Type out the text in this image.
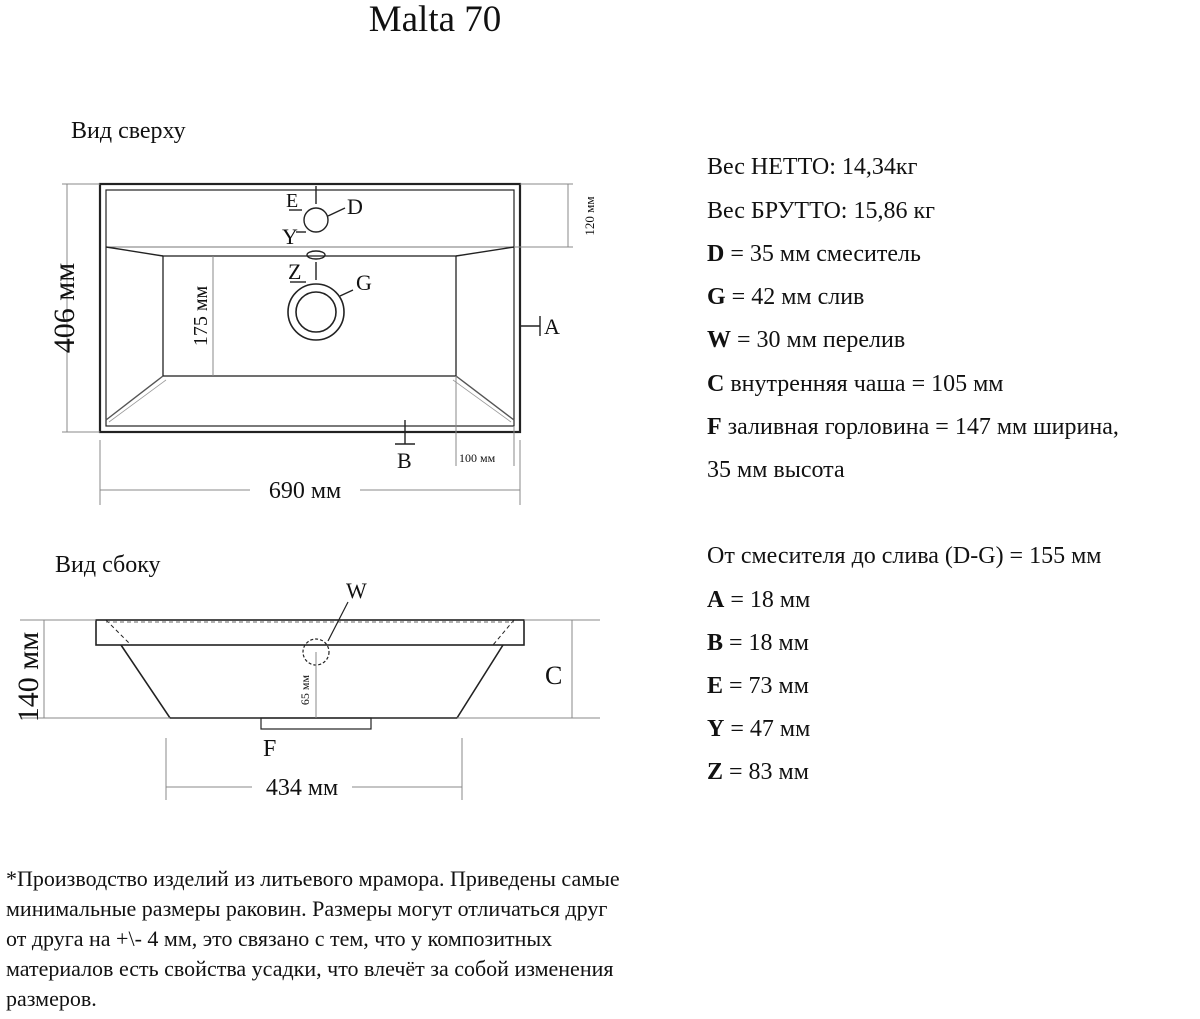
Malta 70
Вид сверху
Вид сбоку
406 мм	175 мм
120 мм
100 мм
690 мм
E D
Y
Z G
A
B
W
65 мм
140 мм	C
F
434 мм
Вес НЕТТО: 14,34кг
Вес БРУТТО: 15,86 кг
D = 35 мм смеситель
G = 42 мм слив
W = 30 мм перелив
C внутренняя чаша = 105 мм
F заливная горловина = 147 мм ширина,
35 мм высота
От смесителя до слива (D-G) = 155 мм
A = 18 мм
B = 18 мм
E = 73 мм
Y = 47 мм
Z = 83 мм
*Производство изделий из литьевого мрамора. Приведены самые
минимальные размеры раковин. Размеры могут отличаться друг
от друга на +\- 4 мм, это связано с тем, что у композитных
материалов есть свойства усадки, что влечёт за собой изменения
размеров.
